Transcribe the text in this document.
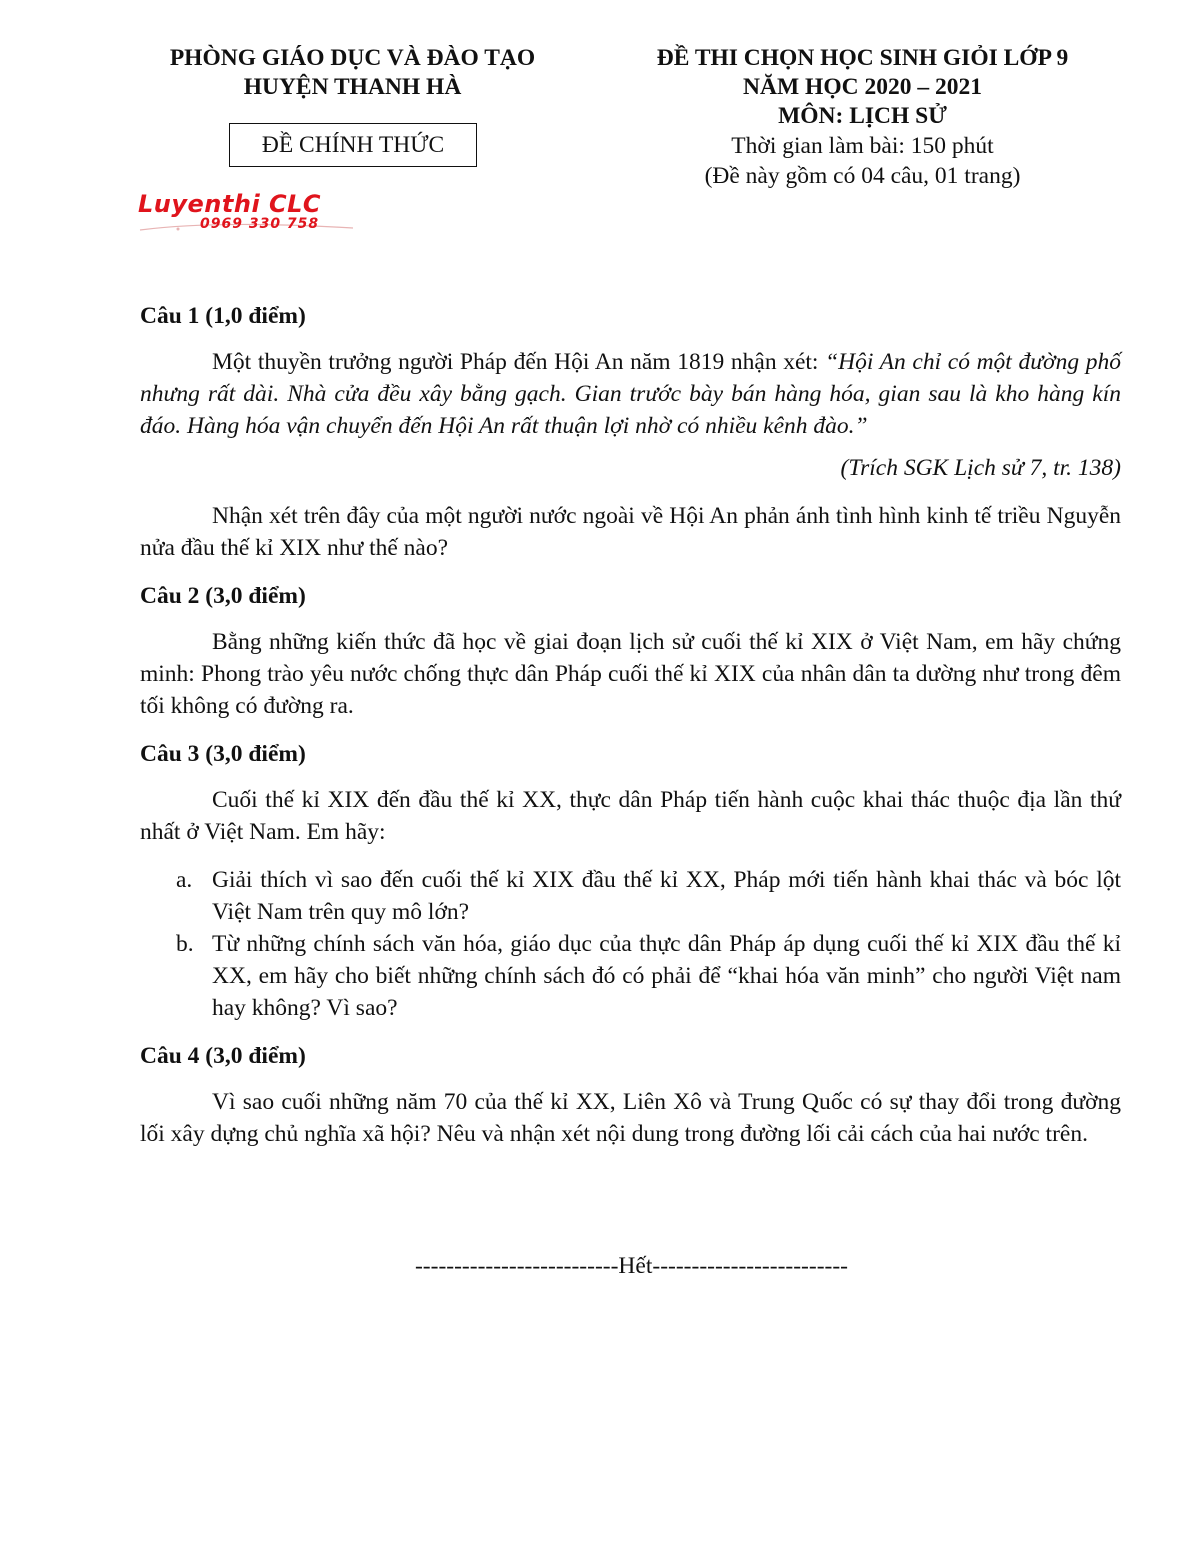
PHÒNG GIÁO DỤC VÀ ĐÀO TẠO
HUYỆN THANH HÀ
ĐỀ CHÍNH THỨC
Luyenthi CLC
0969 330 758
ĐỀ THI CHỌN HỌC SINH GIỎI LỚP 9
NĂM HỌC 2020 – 2021
MÔN: LỊCH SỬ
Thời gian làm bài: 150 phút
(Đề này gồm có 04 câu, 01 trang)

Câu 1 (1,0 điểm)

Một thuyền trưởng người Pháp đến Hội An năm 1819 nhận xét: “Hội An chỉ có một đường phố nhưng rất dài. Nhà cửa đều xây bằng gạch. Gian trước bày bán hàng hóa, gian sau là kho hàng kín đáo. Hàng hóa vận chuyển đến Hội An rất thuận lợi nhờ có nhiều kênh đào.”

(Trích SGK Lịch sử 7, tr. 138)

Nhận xét trên đây của một người nước ngoài về Hội An phản ánh tình hình kinh tế triều Nguyễn nửa đầu thế kỉ XIX như thế nào?

Câu 2 (3,0 điểm)

Bằng những kiến thức đã học về giai đoạn lịch sử cuối thế kỉ XIX ở Việt Nam, em hãy chứng minh: Phong trào yêu nước chống thực dân Pháp cuối thế kỉ XIX của nhân dân ta dường như trong đêm tối không có đường ra.

Câu 3 (3,0 điểm)

Cuối thế kỉ XIX đến đầu thế kỉ XX, thực dân Pháp tiến hành cuộc khai thác thuộc địa lần thứ nhất ở Việt Nam. Em hãy:

a. Giải thích vì sao đến cuối thế kỉ XIX đầu thế kỉ XX, Pháp mới tiến hành khai thác và bóc lột Việt Nam trên quy mô lớn?
b. Từ những chính sách văn hóa, giáo dục của thực dân Pháp áp dụng cuối thế kỉ XIX đầu thế kỉ XX, em hãy cho biết những chính sách đó có phải để “khai hóa văn minh” cho người Việt nam hay không? Vì sao?

Câu 4 (3,0 điểm)

Vì sao cuối những năm 70 của thế kỉ XX, Liên Xô và Trung Quốc có sự thay đổi trong đường lối xây dựng chủ nghĩa xã hội? Nêu và nhận xét nội dung trong đường lối cải cách của hai nước trên.

--------------------------Hết-------------------------
